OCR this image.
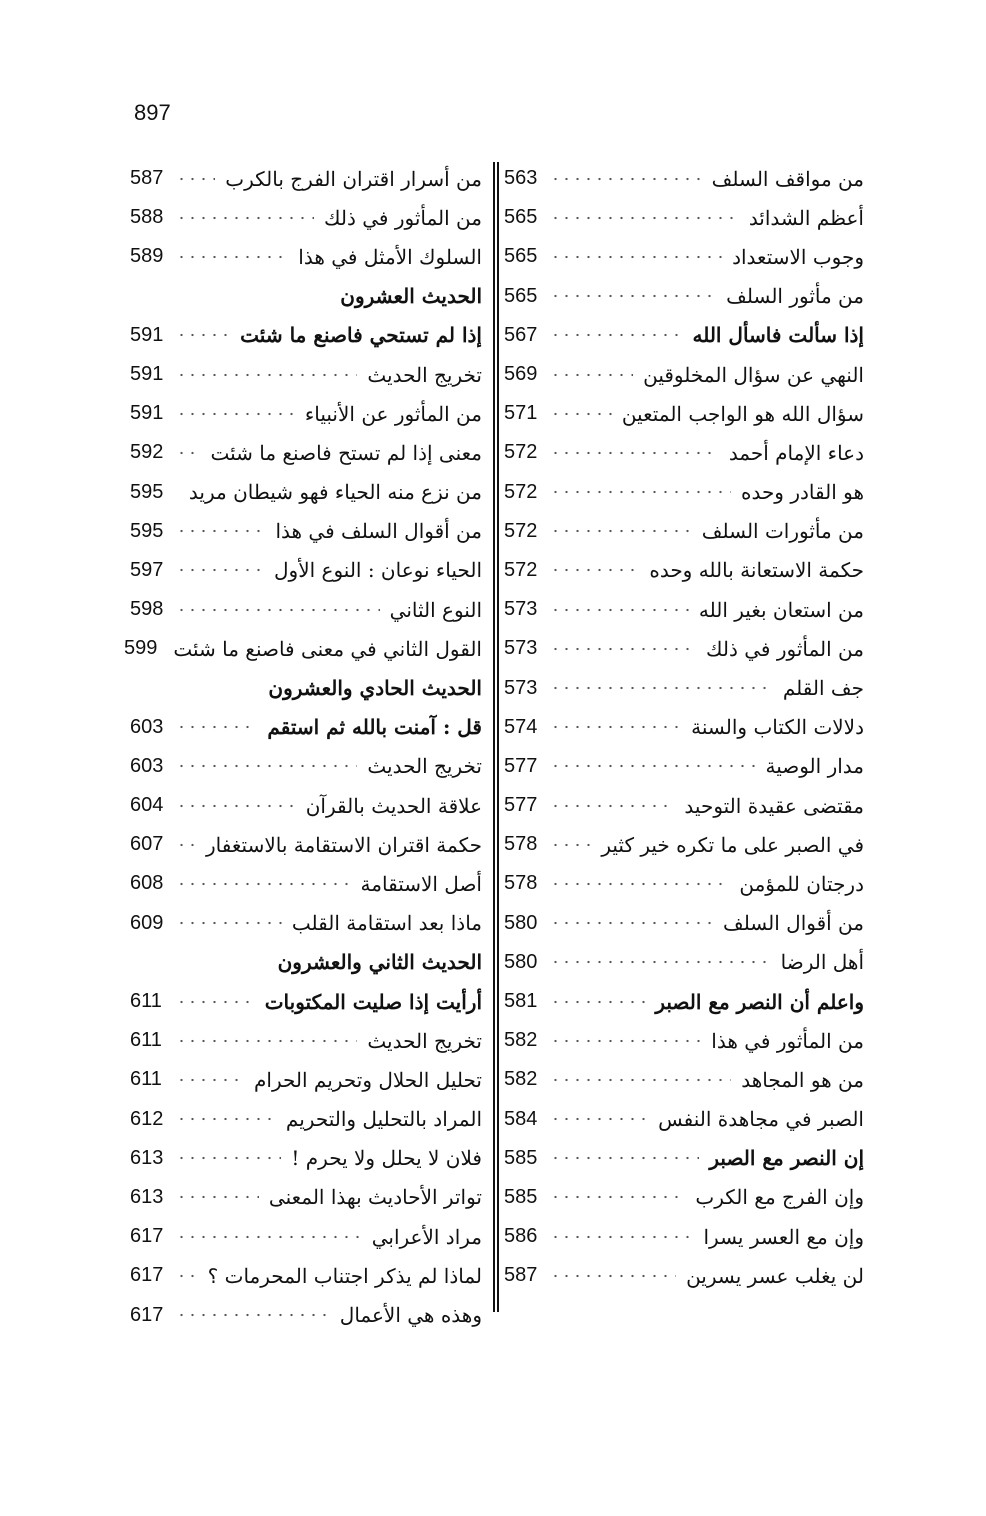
897
من مواقف السلف
563
أعظم الشدائد
565
وجوب الاستعداد
565
من مأثور السلف
565
إذا سألت فاسأل الله
567
النهي عن سؤال المخلوقين
569
سؤال الله هو الواجب المتعين
571
دعاء الإمام أحمد
572
هو القادر وحده
572
من مأثورات السلف
572
حكمة الاستعانة بالله وحده
572
من استعان بغير الله
573
من المأثور في ذلك
573
جف القلم
573
دلالات الكتاب والسنة
574
مدار الوصية
577
مقتضى عقيدة التوحيد
577
في الصبر على ما تكره خير كثير
578
درجتان للمؤمن
578
من أقوال السلف
580
أهل الرضا
580
واعلم أن النصر مع الصبر
581
من المأثور في هذا
582
من هو المجاهد
582
الصبر في مجاهدة النفس
584
إن النصر مع الصبر
585
وإن الفرج مع الكرب
585
وإن مع العسر يسرا
586
لن يغلب عسر يسرين
587
من أسرار اقتران الفرج بالكرب
587
من المأثور في ذلك
588
السلوك الأمثل في هذا
589
الحديث العشرون
إذا لم تستحي فاصنع ما شئت
591
تخريج الحديث
591
من المأثور عن الأنبياء
591
معنى إذا لم تستح فاصنع ما شئت
592
من نزع منه الحياء فهو شيطان مريد
595
من أقوال السلف في هذا
595
الحياء نوعان : النوع الأول
597
النوع الثاني
598
القول الثاني في معنى فاصنع ما شئت
599
الحديث الحادي والعشرون
قل : آمنت بالله ثم استقم
603
تخريج الحديث
603
علاقة الحديث بالقرآن
604
حكمة اقتران الاستقامة بالاستغفار
607
أصل الاستقامة
608
ماذا بعد استقامة القلب
609
الحديث الثاني والعشرون
أرأيت إذا صليت المكتوبات
611
تخريج الحديث
611
تحليل الحلال وتحريم الحرام
611
المراد بالتحليل والتحريم
612
فلان لا يحلل ولا يحرم !
613
تواتر الأحاديث بهذا المعنى
613
مراد الأعرابي
617
لماذا لم يذكر اجتناب المحرمات ؟
617
وهذه هي الأعمال
617
